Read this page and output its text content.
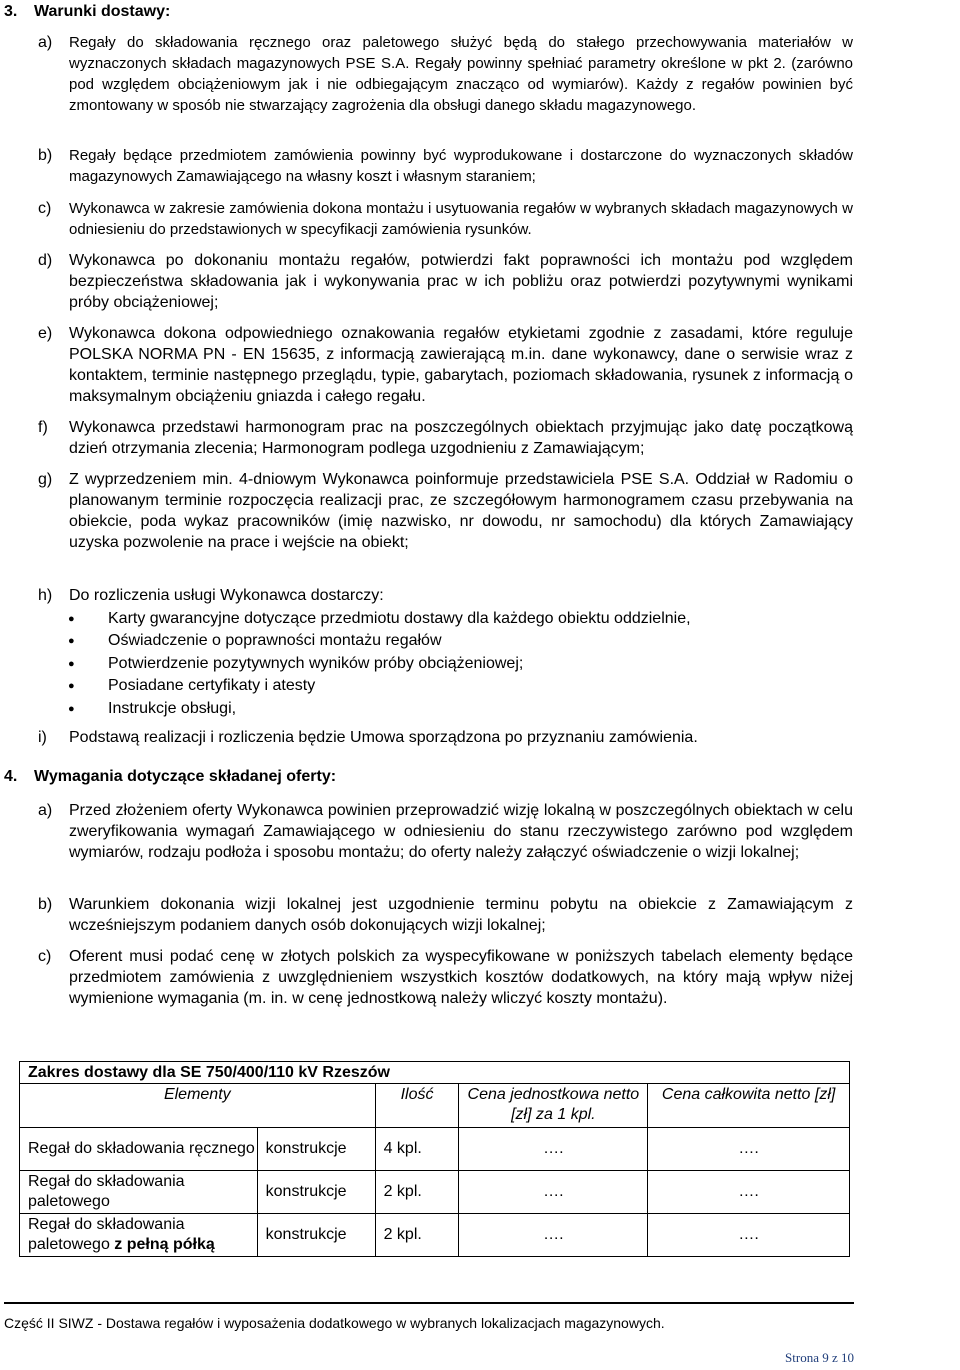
3. Warunki dostawy:
a) Regały do składowania ręcznego oraz paletowego służyć będą do stałego przechowywania materiałów w wyznaczonych składach magazynowych PSE S.A. Regały powinny spełniać parametry określone w pkt 2. (zarówno pod względem obciążeniowym jak i nie odbiegającym znacząco od wymiarów). Każdy z regałów powinien być zmontowany w sposób nie stwarzający zagrożenia dla obsługi danego składu magazynowego.
b) Regały będące przedmiotem zamówienia powinny być wyprodukowane i dostarczone do wyznaczonych składów magazynowych Zamawiającego na własny koszt i własnym staraniem;
c) Wykonawca w zakresie zamówienia dokona montażu i usytuowania regałów w wybranych składach magazynowych w odniesieniu do przedstawionych w specyfikacji zamówienia rysunków.
d) Wykonawca po dokonaniu montażu regałów, potwierdzi fakt poprawności ich montażu pod względem bezpieczeństwa składowania jak i wykonywania prac w ich pobliżu oraz potwierdzi pozytywnymi wynikami próby obciążeniowej;
e) Wykonawca dokona odpowiedniego oznakowania regałów etykietami zgodnie z zasadami, które reguluje POLSKA NORMA PN - EN 15635, z informacją zawierającą m.in. dane wykonawcy, dane o serwisie wraz z kontaktem, terminie następnego przeglądu, typie, gabarytach, poziomach składowania, rysunek z informacją o maksymalnym obciążeniu gniazda i całego regału.
f) Wykonawca przedstawi harmonogram prac na poszczególnych obiektach przyjmując jako datę początkową dzień otrzymania zlecenia; Harmonogram podlega uzgodnieniu z Zamawiającym;
g) Z wyprzedzeniem min. 4-dniowym Wykonawca poinformuje przedstawiciela PSE S.A. Oddział w Radomiu o planowanym terminie rozpoczęcia realizacji prac, ze szczegółowym harmonogramem czasu przebywania na obiekcie, poda wykaz pracowników (imię nazwisko, nr dowodu, nr samochodu) dla których Zamawiający uzyska pozwolenie na prace i wejście na obiekt;
h) Do rozliczenia usługi Wykonawca dostarczy:
● Karty gwarancyjne dotyczące przedmiotu dostawy dla każdego obiektu oddzielnie,
● Oświadczenie o poprawności montażu regałów
● Potwierdzenie pozytywnych wyników próby obciążeniowej;
● Posiadane certyfikaty i atesty
● Instrukcje obsługi,
i) Podstawą realizacji i rozliczenia będzie Umowa sporządzona po przyznaniu zamówienia.
4. Wymagania dotyczące składanej oferty:
a) Przed złożeniem oferty Wykonawca powinien przeprowadzić wizję lokalną w poszczególnych obiektach w celu zweryfikowania wymagań Zamawiającego w odniesieniu do stanu rzeczywistego zarówno pod względem wymiarów, rodzaju podłoża i sposobu montażu; do oferty należy załączyć oświadczenie o wizji lokalnej;
b) Warunkiem dokonania wizji lokalnej jest uzgodnienie terminu pobytu na obiekcie z Zamawiającym z wcześniejszym podaniem danych osób dokonujących wizji lokalnej;
c) Oferent musi podać cenę w złotych polskich za wyspecyfikowane w poniższych tabelach elementy będące przedmiotem zamówienia z uwzględnieniem wszystkich kosztów dodatkowych, na który mają wpływ niżej wymienione wymagania (m. in. w cenę jednostkową należy wliczyć koszty montażu).
Zakres dostawy dla SE 750/400/110 kV Rzeszów				
Elementy		Ilość	Cena jednostkowa netto [zł] za 1 kpl.	Cena całkowita netto [zł]
Regał do składowania ręcznego	konstrukcje	4 kpl.	….	….
Regał do składowania paletowego	konstrukcje	2 kpl.	….	….
Regał do składowania paletowego z pełną półką	konstrukcje	2 kpl.	….	….
Część II SIWZ - Dostawa regałów i wyposażenia dodatkowego w wybranych lokalizacjach magazynowych.
Strona 9 z 10
